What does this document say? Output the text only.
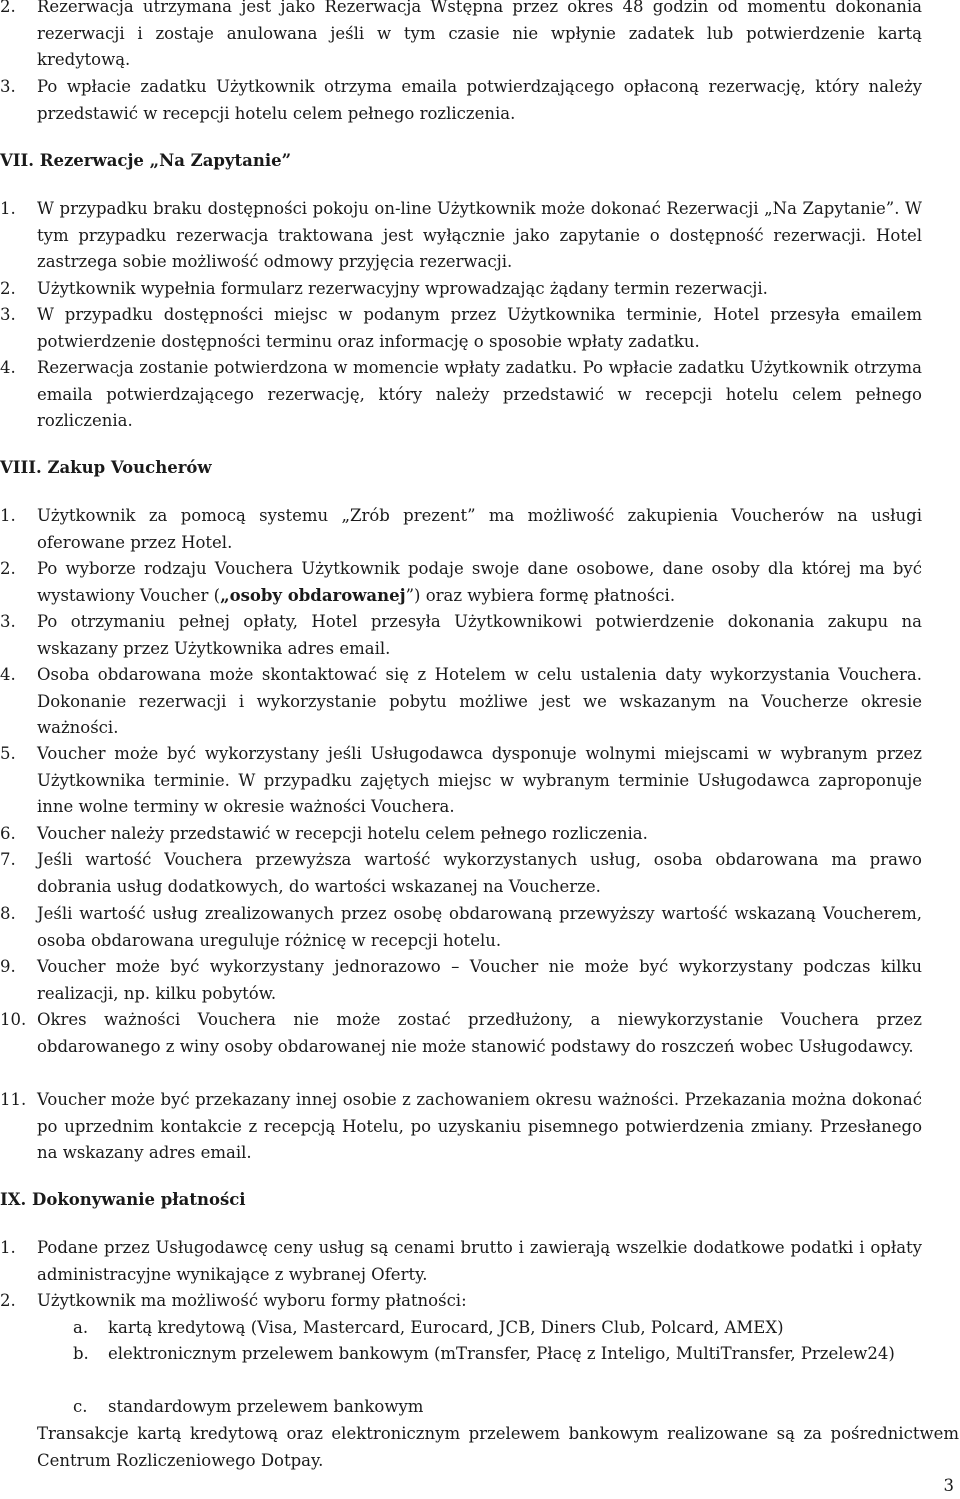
2. Rezerwacja utrzymana jest jako Rezerwacja Wstępna przez okres 48 godzin od momentu dokonania rezerwacji i zostaje anulowana jeśli w tym czasie nie wpłynie zadatek lub potwierdzenie kartą kredytową.
3. Po wpłacie zadatku Użytkownik otrzyma emaila potwierdzającego opłaconą rezerwację, który należy przedstawić w recepcji hotelu celem pełnego rozliczenia.
VII. Rezerwacje „Na Zapytanie”
1. W przypadku braku dostępności pokoju on-line Użytkownik może dokonać Rezerwacji „Na Zapytanie”. W tym przypadku rezerwacja traktowana jest wyłącznie jako zapytanie o dostępność rezerwacji. Hotel zastrzega sobie możliwość odmowy przyjęcia rezerwacji.
2. Użytkownik wypełnia formularz rezerwacyjny wprowadzając żądany termin rezerwacji.
3. W przypadku dostępności miejsc w podanym przez Użytkownika terminie, Hotel przesyła emailem potwierdzenie dostępności terminu oraz informację o sposobie wpłaty zadatku.
4. Rezerwacja zostanie potwierdzona w momencie wpłaty zadatku. Po wpłacie zadatku Użytkownik otrzyma emaila potwierdzającego rezerwację, który należy przedstawić w recepcji hotelu celem pełnego rozliczenia.
VIII. Zakup Voucherów
1. Użytkownik za pomocą systemu „Zrób prezent” ma możliwość zakupienia Voucherów na usługi oferowane przez Hotel.
2. Po wyborze rodzaju Vouchera Użytkownik podaje swoje dane osobowe, dane osoby dla której ma być wystawiony Voucher („osoby obdarowanej”) oraz wybiera formę płatności.
3. Po otrzymaniu pełnej opłaty, Hotel przesyła Użytkownikowi potwierdzenie dokonania zakupu na wskazany przez Użytkownika adres email.
4. Osoba obdarowana może skontaktować się z Hotelem w celu ustalenia daty wykorzystania Vouchera. Dokonanie rezerwacji i wykorzystanie pobytu możliwe jest we wskazanym na Voucherze okresie ważności.
5. Voucher może być wykorzystany jeśli Usługodawca dysponuje wolnymi miejscami w wybranym przez Użytkownika terminie. W przypadku zajętych miejsc w wybranym terminie Usługodawca zaproponuje inne wolne terminy w okresie ważności Vouchera.
6. Voucher należy przedstawić w recepcji hotelu celem pełnego rozliczenia.
7. Jeśli wartość Vouchera przewyższa wartość wykorzystanych usług, osoba obdarowana ma prawo dobrania usług dodatkowych, do wartości wskazanej na Voucherze.
8. Jeśli wartość usług zrealizowanych przez osobę obdarowaną przewyższy wartość wskazaną Voucherem, osoba obdarowana ureguluje różnicę w recepcji hotelu.
9. Voucher może być wykorzystany jednorazowo – Voucher nie może być wykorzystany podczas kilku realizacji, np. kilku pobytów.
10. Okres ważności Vouchera nie może zostać przedłużony, a niewykorzystanie Vouchera przez obdarowanego z winy osoby obdarowanej nie może stanowić podstawy do roszczeń wobec Usługodawcy.
11. Voucher może być przekazany innej osobie z zachowaniem okresu ważności. Przekazania można dokonać po uprzednim kontakcie z recepcją Hotelu, po uzyskaniu pisemnego potwierdzenia zmiany. Przesłanego na wskazany adres email.
IX. Dokonywanie płatności
1. Podane przez Usługodawcę ceny usług są cenami brutto i zawierają wszelkie dodatkowe podatki i opłaty administracyjne wynikające z wybranej Oferty.
2. Użytkownik ma możliwość wyboru formy płatności:
a. kartą kredytową (Visa, Mastercard, Eurocard, JCB, Diners Club, Polcard, AMEX)
b. elektronicznym przelewem bankowym (mTransfer, Płacę z Inteligo, MultiTransfer, Przelew24)
c. standardowym przelewem bankowym
Transakcje kartą kredytową oraz elektronicznym przelewem bankowym realizowane są za pośrednictwem Centrum Rozliczeniowego Dotpay.
3
